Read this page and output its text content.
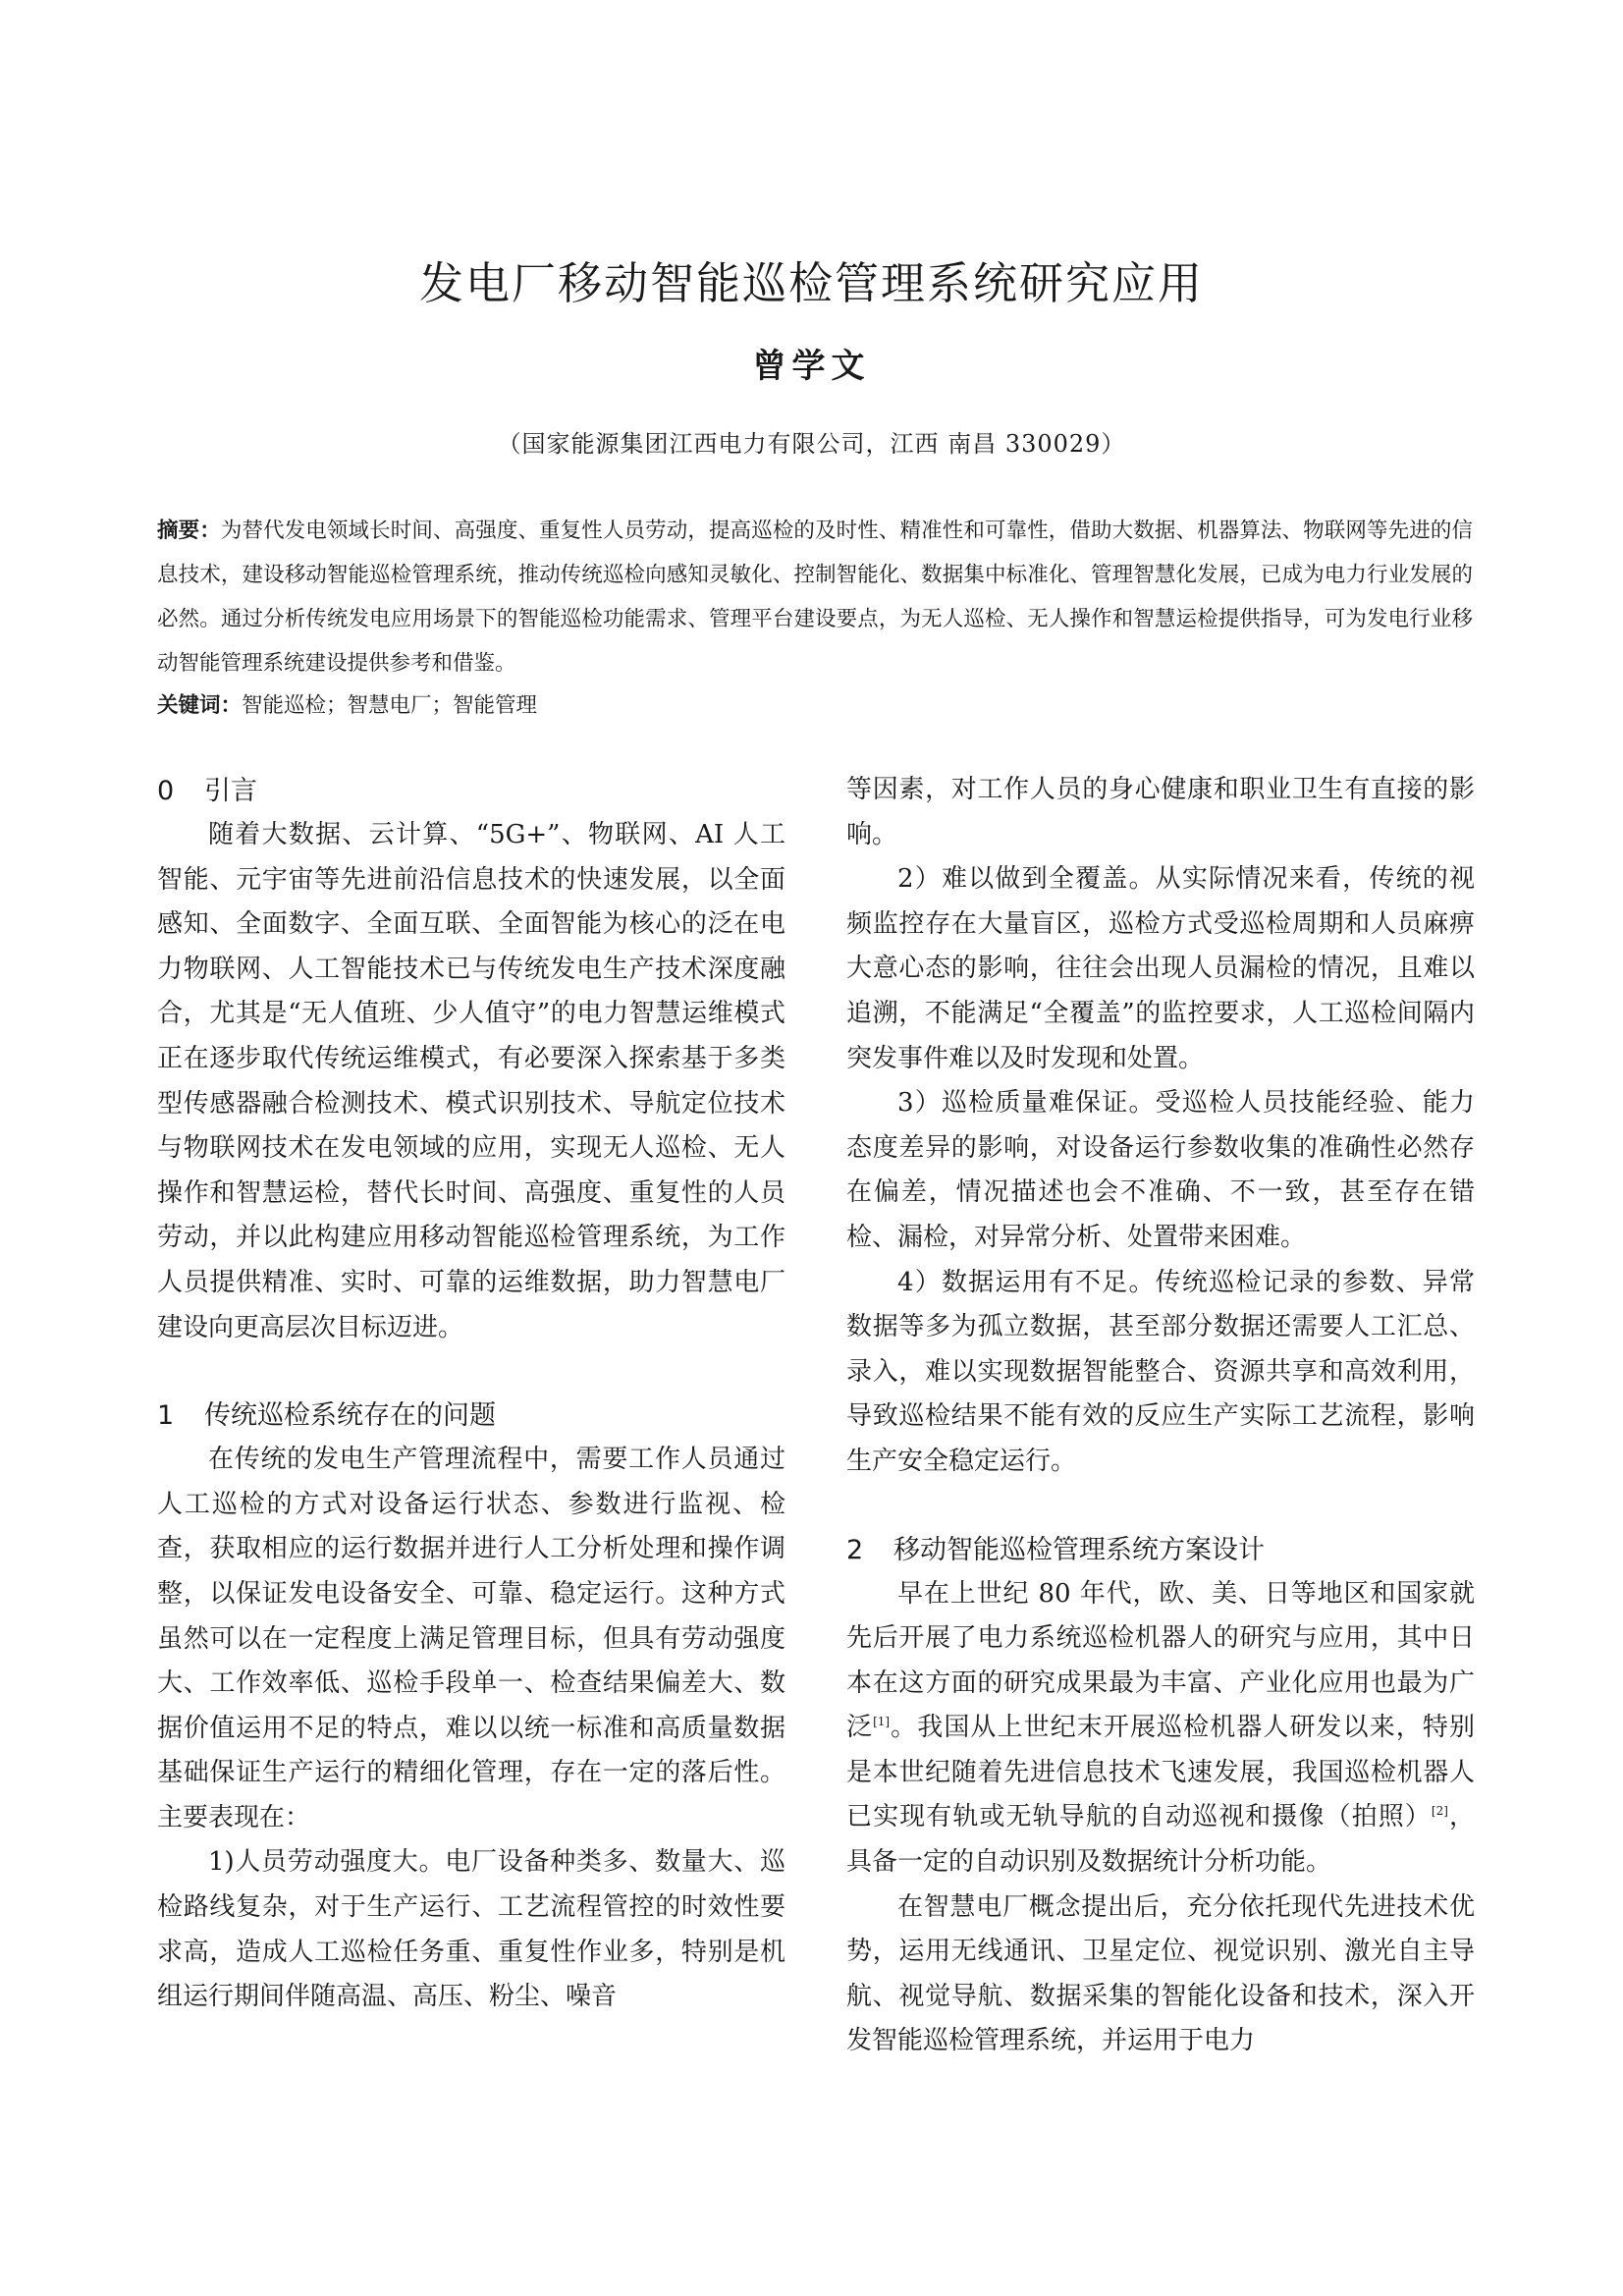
发电厂移动智能巡检管理系统研究应用
曾学文
（国家能源集团江西电力有限公司，江西 南昌 330029）
摘要：为替代发电领域长时间、高强度、重复性人员劳动，提高巡检的及时性、精准性和可靠性，借助大数据、机器算法、物联网等先进的信息技术，建设移动智能巡检管理系统，推动传统巡检向感知灵敏化、控制智能化、数据集中标准化、管理智慧化发展，已成为电力行业发展的必然。通过分析传统发电应用场景下的智能巡检功能需求、管理平台建设要点，为无人巡检、无人操作和智慧运检提供指导，可为发电行业移动智能管理系统建设提供参考和借鉴。
关键词：智能巡检；智慧电厂；智能管理
0 引言

随着大数据、云计算、“5G+”、物联网、AI 人工智能、元宇宙等先进前沿信息技术的快速发展，以全面感知、全面数字、全面互联、全面智能为核心的泛在电力物联网、人工智能技术已与传统发电生产技术深度融合，尤其是“无人值班、少人值守”的电力智慧运维模式正在逐步取代传统运维模式，有必要深入探索基于多类型传感器融合检测技术、模式识别技术、导航定位技术与物联网技术在发电领域的应用，实现无人巡检、无人操作和智慧运检，替代长时间、高强度、重复性的人员劳动，并以此构建应用移动智能巡检管理系统，为工作人员提供精准、实时、可靠的运维数据，助力智慧电厂建设向更高层次目标迈进。

1 传统巡检系统存在的问题

在传统的发电生产管理流程中，需要工作人员通过人工巡检的方式对设备运行状态、参数进行监视、检查，获取相应的运行数据并进行人工分析处理和操作调整，以保证发电设备安全、可靠、稳定运行。这种方式虽然可以在一定程度上满足管理目标，但具有劳动强度大、工作效率低、巡检手段单一、检查结果偏差大、数据价值运用不足的特点，难以以统一标准和高质量数据基础保证生产运行的精细化管理，存在一定的落后性。主要表现在：

1)人员劳动强度大。电厂设备种类多、数量大、巡检路线复杂，对于生产运行、工艺流程管控的时效性要求高，造成人工巡检任务重、重复性作业多，特别是机组运行期间伴随高温、高压、粉尘、噪音

等因素，对工作人员的身心健康和职业卫生有直接的影响。

2）难以做到全覆盖。从实际情况来看，传统的视频监控存在大量盲区，巡检方式受巡检周期和人员麻痹大意心态的影响，往往会出现人员漏检的情况，且难以追溯，不能满足“全覆盖”的监控要求，人工巡检间隔内突发事件难以及时发现和处置。

3）巡检质量难保证。受巡检人员技能经验、能力态度差异的影响，对设备运行参数收集的准确性必然存在偏差，情况描述也会不准确、不一致，甚至存在错检、漏检，对异常分析、处置带来困难。

4）数据运用有不足。传统巡检记录的参数、异常数据等多为孤立数据，甚至部分数据还需要人工汇总、录入，难以实现数据智能整合、资源共享和高效利用，导致巡检结果不能有效的反应生产实际工艺流程，影响生产安全稳定运行。

2 移动智能巡检管理系统方案设计

早在上世纪 80 年代，欧、美、日等地区和国家就先后开展了电力系统巡检机器人的研究与应用，其中日本在这方面的研究成果最为丰富、产业化应用也最为广泛[1]。我国从上世纪末开展巡检机器人研发以来，特别是本世纪随着先进信息技术飞速发展，我国巡检机器人已实现有轨或无轨导航的自动巡视和摄像（拍照）[2]，具备一定的自动识别及数据统计分析功能。

在智慧电厂概念提出后，充分依托现代先进技术优势，运用无线通讯、卫星定位、视觉识别、激光自主导航、视觉导航、数据采集的智能化设备和技术，深入开发智能巡检管理系统，并运用于电力
